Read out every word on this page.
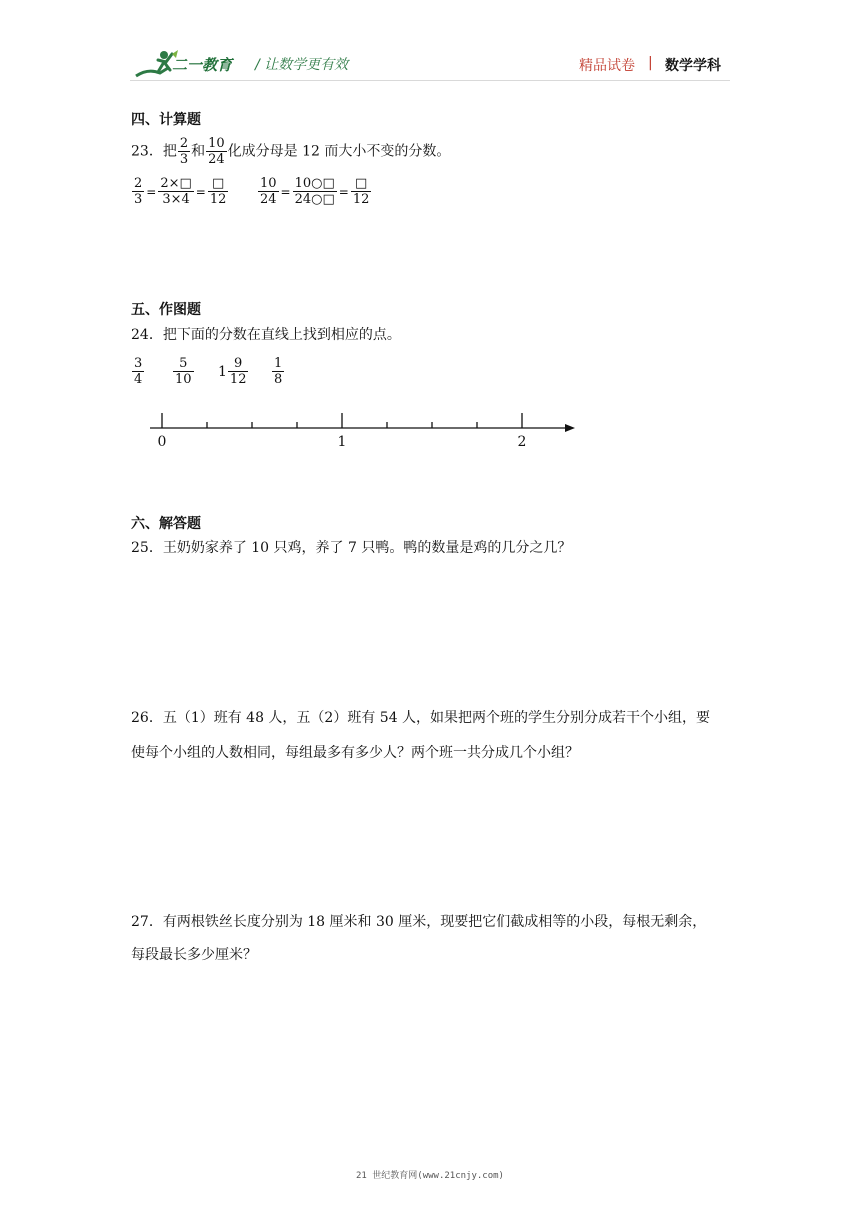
二一教育 / 让数学更有效	精品试卷 | 数学学科
四、计算题
23．把 $\frac{2}{3}$ 和 $\frac{10}{24}$ 化成分母是 12 而大小不变的分数。
$\frac{2}{3} = \frac{2\times□}{3\times 4} = \frac{□}{12} \frac{10}{24} = \frac{10○□}{24○□} = \frac{□}{12}$
五、作图题
24．把下面的分数在直线上找到相应的点。
$\frac{3}{4} \frac{5}{10} 1 \frac{9}{12} \frac{1}{8}$
0	1	2
六、解答题
25．王奶奶家养了 10 只鸡，养了 7 只鸭。鸭的数量是鸡的几分之几？
26．五（1）班有 48 人，五（2）班有 54 人，如果把两个班的学生分别分成若干个小组，要
使每个小组的人数相同，每组最多有多少人？两个班一共分成几个小组？
27．有两根铁丝长度分别为 18 厘米和 30 厘米，现要把它们截成相等的小段，每根无剩余，
每段最长多少厘米？
21 世纪教育网(www.21cnjy.com)
